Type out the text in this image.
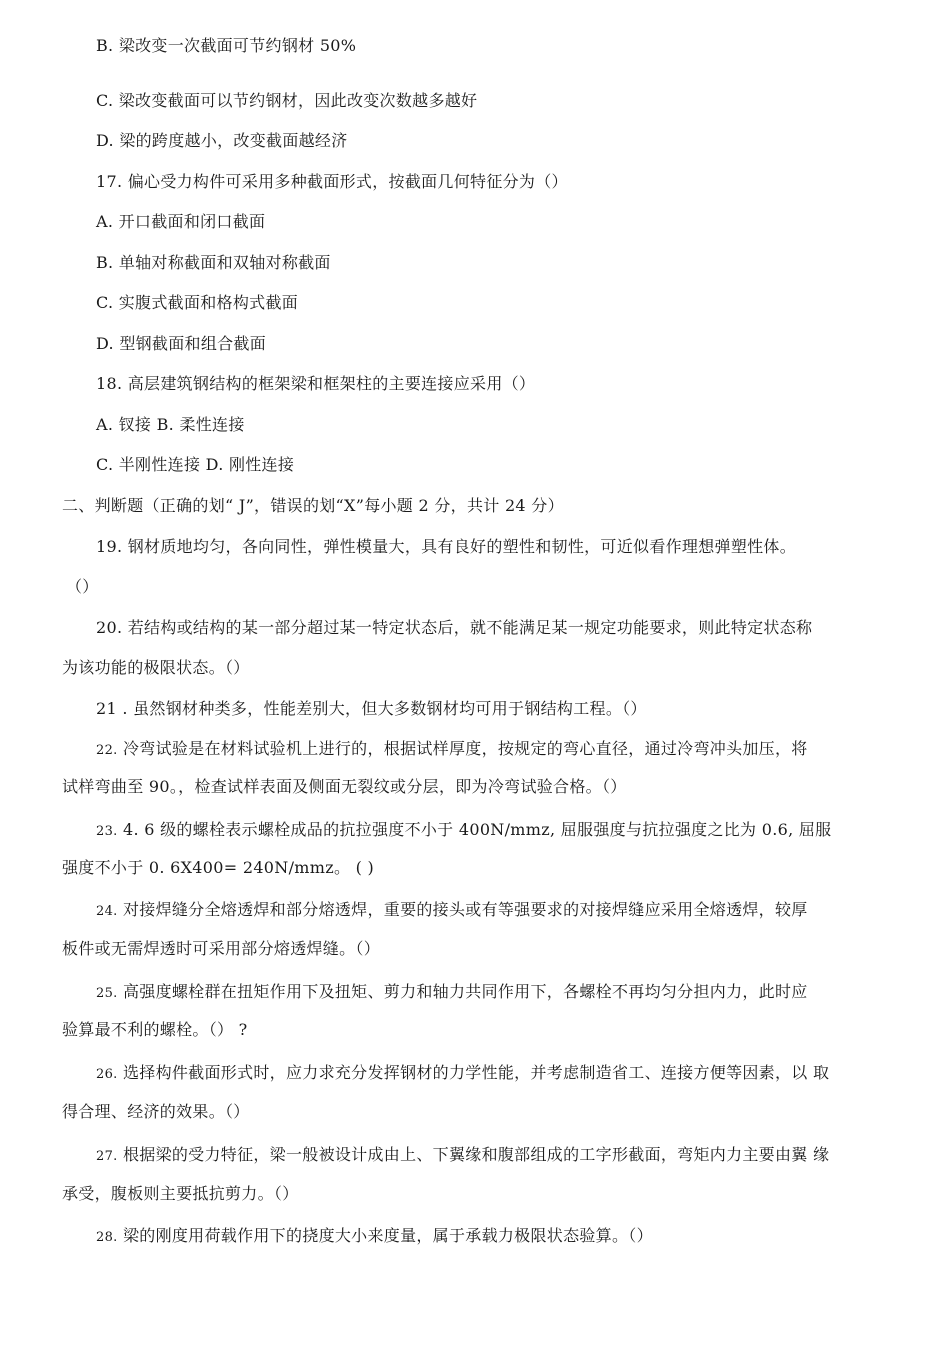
B. 梁改变一次截面可节约钢材 50%
C. 梁改变截面可以节约钢材，因此改变次数越多越好
D. 梁的跨度越小，改变截面越经济
17. 偏心受力构件可采用多种截面形式，按截面几何特征分为（）
A. 开口截面和闭口截面
B. 单轴对称截面和双轴对称截面
C. 实腹式截面和格构式截面
D. 型钢截面和组合截面
18. 高层建筑钢结构的框架梁和框架柱的主要连接应采用（）
A. 钗接 B. 柔性连接
C. 半刚性连接 D. 刚性连接
二、判断题（正确的划“ J”，错误的划“X”每小题 2 分，共计 24 分）
19. 钢材质地均匀，各向同性，弹性模量大，具有良好的塑性和韧性，可近似看作理想弹塑性体。
（）
20. 若结构或结构的某一部分超过某一特定状态后，就不能满足某一规定功能要求，则此特定状态称
为该功能的极限状态。（）
21 . 虽然钢材种类多，性能差别大，但大多数钢材均可用于钢结构工程。（）
22. 冷弯试验是在材料试验机上进行的，根据试样厚度，按规定的弯心直径，通过冷弯冲头加压，将
试样弯曲至 90。，检查试样表面及侧面无裂纹或分层，即为冷弯试验合格。（）
23. 4. 6 级的螺栓表示螺栓成品的抗拉强度不小于 400N/mmz, 屈服强度与抗拉强度之比为 0.6, 屈服
强度不小于 0. 6X400= 240N/mmz。 ( )
24. 对接焊缝分全熔透焊和部分熔透焊，重要的接头或有等强要求的对接焊缝应采用全熔透焊，较厚
板件或无需焊透时可采用部分熔透焊缝。（）
25. 高强度螺栓群在扭矩作用下及扭矩、剪力和轴力共同作用下，各螺栓不再均匀分担内力，此时应
验算最不利的螺栓。（） ?
26. 选择构件截面形式时，应力求充分发挥钢材的力学性能，并考虑制造省工、连接方便等因素，以 取
得合理、经济的效果。（）
27. 根据梁的受力特征，梁一般被设计成由上、下翼缘和腹部组成的工字形截面，弯矩内力主要由翼 缘
承受，腹板则主要抵抗剪力。（）
28. 梁的刚度用荷载作用下的挠度大小来度量，属于承载力极限状态验算。（）
